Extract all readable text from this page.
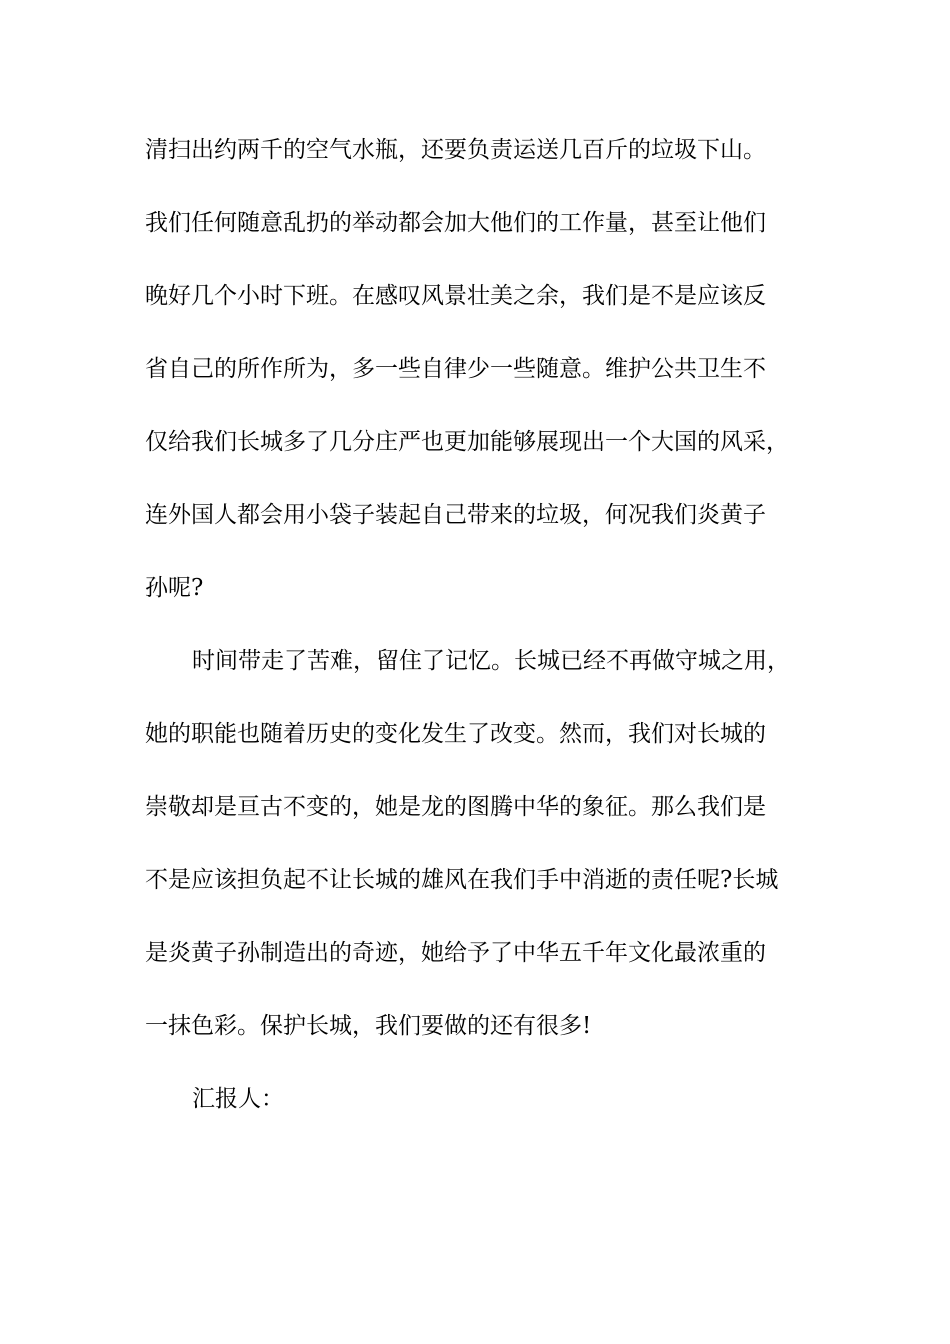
清扫出约两千的空气水瓶，还要负责运送几百斤的垃圾下山。
我们任何随意乱扔的举动都会加大他们的工作量，甚至让他们
晚好几个小时下班。在感叹风景壮美之余，我们是不是应该反
省自己的所作所为，多一些自律少一些随意。维护公共卫生不
仅给我们长城多了几分庄严也更加能够展现出一个大国的风采，
连外国人都会用小袋子装起自己带来的垃圾，何况我们炎黄子
孙呢?
时间带走了苦难，留住了记忆。长城已经不再做守城之用，
她的职能也随着历史的变化发生了改变。然而，我们对长城的
崇敬却是亘古不变的，她是龙的图腾中华的象征。那么我们是
不是应该担负起不让长城的雄风在我们手中消逝的责任呢?长城
是炎黄子孙制造出的奇迹，她给予了中华五千年文化最浓重的
一抹色彩。保护长城，我们要做的还有很多!
汇报人：
